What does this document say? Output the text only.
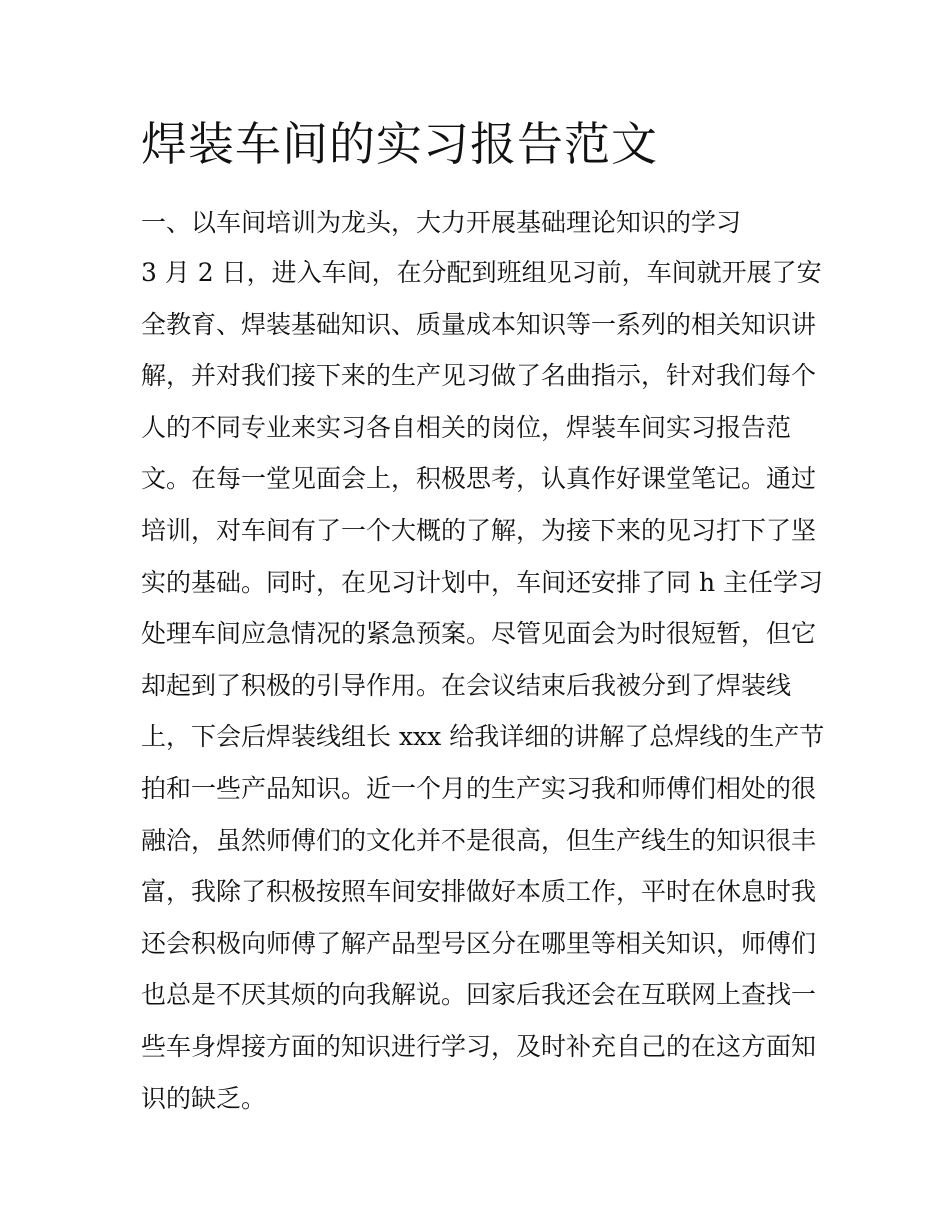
焊装车间的实习报告范文
一、以车间培训为龙头，大力开展基础理论知识的学习
3 月 2 日，进入车间，在分配到班组见习前，车间就开展了安
全教育、焊装基础知识、质量成本知识等一系列的相关知识讲
解，并对我们接下来的生产见习做了名曲指示，针对我们每个
人的不同专业来实习各自相关的岗位，焊装车间实习报告范
文。在每一堂见面会上，积极思考，认真作好课堂笔记。通过
培训，对车间有了一个大概的了解，为接下来的见习打下了坚
实的基础。同时，在见习计划中，车间还安排了同 h 主任学习
处理车间应急情况的紧急预案。尽管见面会为时很短暂，但它
却起到了积极的引导作用。在会议结束后我被分到了焊装线
上，下会后焊装线组长 xxx 给我详细的讲解了总焊线的生产节
拍和一些产品知识。近一个月的生产实习我和师傅们相处的很
融洽，虽然师傅们的文化并不是很高，但生产线生的知识很丰
富，我除了积极按照车间安排做好本质工作，平时在休息时我
还会积极向师傅了解产品型号区分在哪里等相关知识，师傅们
也总是不厌其烦的向我解说。回家后我还会在互联网上查找一
些车身焊接方面的知识进行学习，及时补充自己的在这方面知
识的缺乏。
